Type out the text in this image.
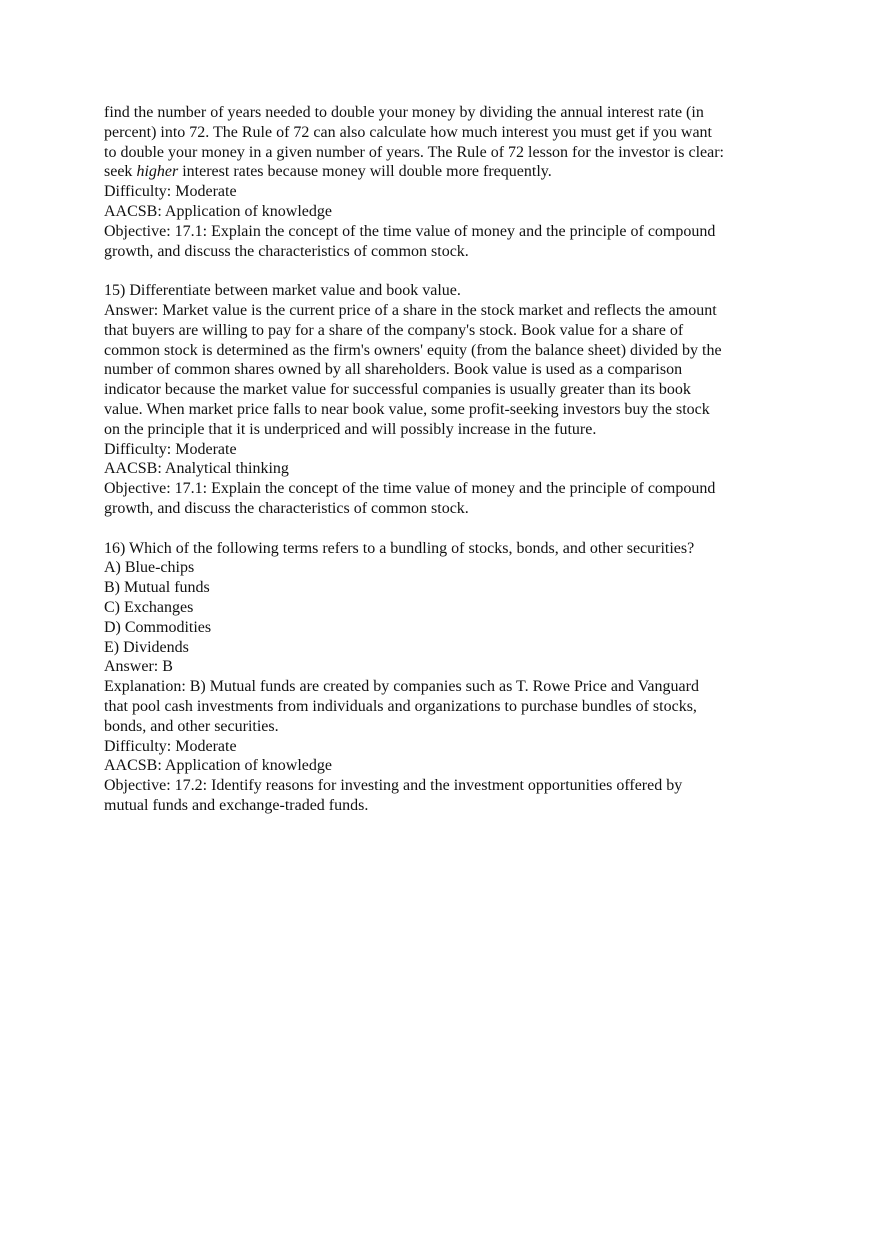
find the number of years needed to double your money by dividing the annual interest rate (in
percent) into 72. The Rule of 72 can also calculate how much interest you must get if you want
to double your money in a given number of years. The Rule of 72 lesson for the investor is clear:
seek higher interest rates because money will double more frequently.
Difficulty: Moderate
AACSB: Application of knowledge
Objective: 17.1: Explain the concept of the time value of money and the principle of compound
growth, and discuss the characteristics of common stock.
15) Differentiate between market value and book value.
Answer: Market value is the current price of a share in the stock market and reflects the amount
that buyers are willing to pay for a share of the company's stock. Book value for a share of
common stock is determined as the firm's owners' equity (from the balance sheet) divided by the
number of common shares owned by all shareholders. Book value is used as a comparison
indicator because the market value for successful companies is usually greater than its book
value. When market price falls to near book value, some profit-seeking investors buy the stock
on the principle that it is underpriced and will possibly increase in the future.
Difficulty: Moderate
AACSB: Analytical thinking
Objective: 17.1: Explain the concept of the time value of money and the principle of compound
growth, and discuss the characteristics of common stock.
16) Which of the following terms refers to a bundling of stocks, bonds, and other securities?
A) Blue-chips
B) Mutual funds
C) Exchanges
D) Commodities
E) Dividends
Answer: B
Explanation: B) Mutual funds are created by companies such as T. Rowe Price and Vanguard
that pool cash investments from individuals and organizations to purchase bundles of stocks,
bonds, and other securities.
Difficulty: Moderate
AACSB: Application of knowledge
Objective: 17.2: Identify reasons for investing and the investment opportunities offered by
mutual funds and exchange-traded funds.
